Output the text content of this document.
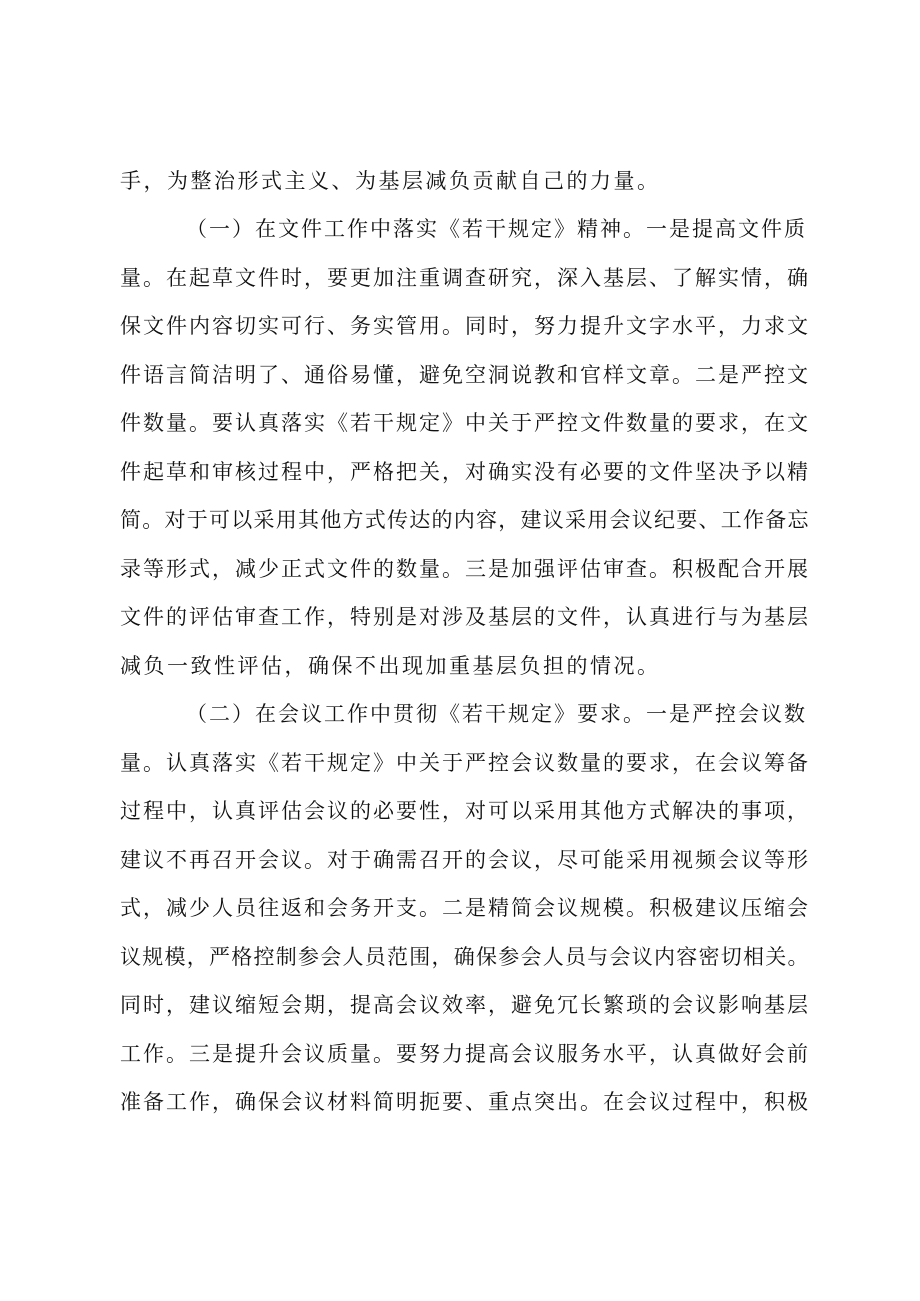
手，为整治形式主义、为基层减负贡献自己的力量。
（一）在文件工作中落实《若干规定》精神。一是提高文件质
量。在起草文件时，要更加注重调查研究，深入基层、了解实情，确
保文件内容切实可行、务实管用。同时，努力提升文字水平，力求文
件语言简洁明了、通俗易懂，避免空洞说教和官样文章。二是严控文
件数量。要认真落实《若干规定》中关于严控文件数量的要求，在文
件起草和审核过程中，严格把关，对确实没有必要的文件坚决予以精
简。对于可以采用其他方式传达的内容，建议采用会议纪要、工作备忘
录等形式，减少正式文件的数量。三是加强评估审查。积极配合开展
文件的评估审查工作，特别是对涉及基层的文件，认真进行与为基层
减负一致性评估，确保不出现加重基层负担的情况。
（二）在会议工作中贯彻《若干规定》要求。一是严控会议数
量。认真落实《若干规定》中关于严控会议数量的要求，在会议筹备
过程中，认真评估会议的必要性，对可以采用其他方式解决的事项，
建议不再召开会议。对于确需召开的会议，尽可能采用视频会议等形
式，减少人员往返和会务开支。二是精简会议规模。积极建议压缩会
议规模，严格控制参会人员范围，确保参会人员与会议内容密切相关。
同时，建议缩短会期，提高会议效率，避免冗长繁琐的会议影响基层
工作。三是提升会议质量。要努力提高会议服务水平，认真做好会前
准备工作，确保会议材料简明扼要、重点突出。在会议过程中，积极
